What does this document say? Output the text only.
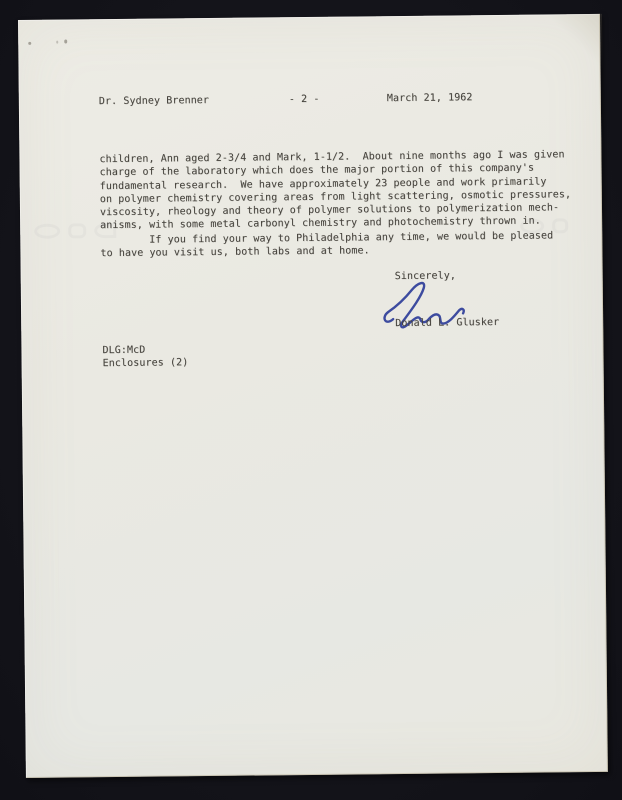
Dr. Sydney Brenner

	- 2 -

	March 21, 1962

children, Ann aged 2-3/4 and Mark, 1-1/2.  About nine months ago I was given
charge of the laboratory which does the major portion of this company's
fundamental research.  We have approximately 23 people and work primarily
on polymer chemistry covering areas from light scattering, osmotic pressures,
viscosity, rheology and theory of polymer solutions to polymerization mech-
anisms, with some metal carbonyl chemistry and photochemistry thrown in.
If you find your way to Philadelphia any time, we would be pleased
to have you visit us, both labs and at home.
Sincerely,
Donald L. Glusker
DLG:McD
Enclosures (2)
